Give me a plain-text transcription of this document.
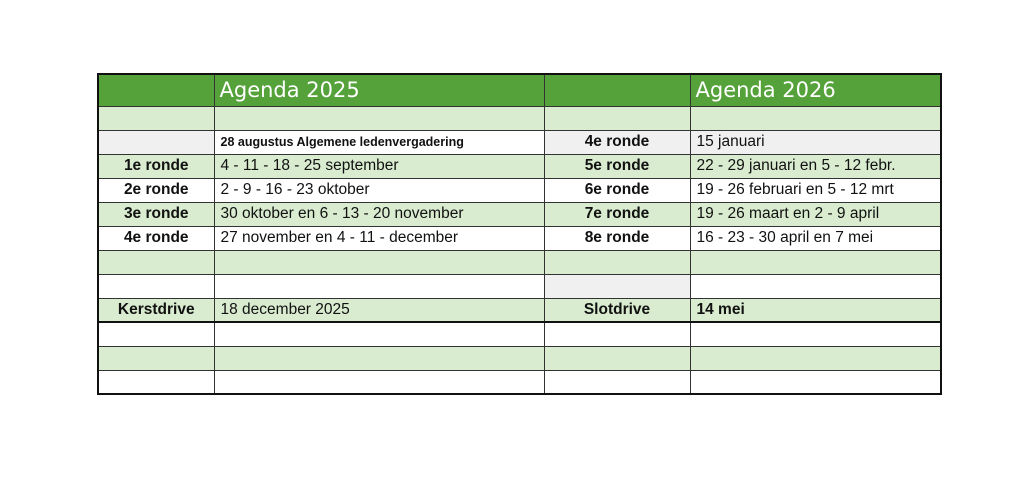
	Agenda 2025		Agenda 2026

	28 augustus Algemene ledenvergadering	4e ronde	15 januari
1e ronde	4 - 11 - 18 - 25 september	5e ronde	22 - 29 januari en 5 - 12 febr.
2e ronde	2 - 9 - 16 - 23 oktober	6e ronde	19 - 26 februari en 5 - 12 mrt
3e ronde	30 oktober en 6 - 13 - 20 november	7e ronde	19 - 26 maart en 2 - 9 april
4e ronde	27 november en 4 - 11 - december	8e ronde	16 - 23 - 30 april en 7 mei

Kerstdrive	18 december 2025	Slotdrive	14 mei
